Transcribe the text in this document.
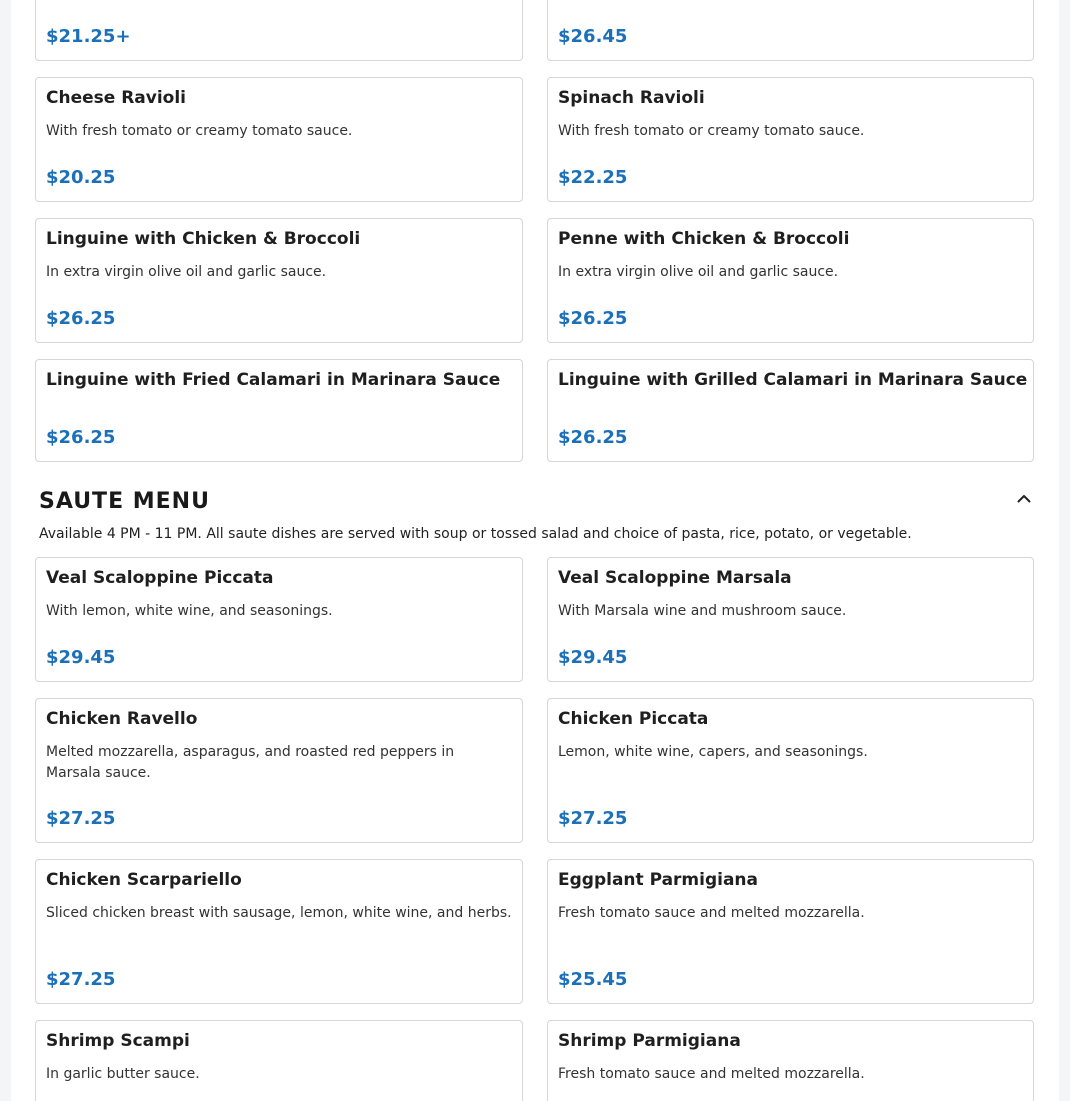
$21.25+	$26.45
Cheese Ravioli
With fresh tomato or creamy tomato sauce.
$20.25
Spinach Ravioli
With fresh tomato or creamy tomato sauce.
$22.25
Linguine with Chicken & Broccoli
In extra virgin olive oil and garlic sauce.
$26.25
Penne with Chicken & Broccoli
In extra virgin olive oil and garlic sauce.
$26.25
Linguine with Fried Calamari in Marinara Sauce
$26.25
Linguine with Grilled Calamari in Marinara Sauce
$26.25
SAUTE MENU
Available 4 PM - 11 PM. All saute dishes are served with soup or tossed salad and choice of pasta, rice, potato, or vegetable.
Veal Scaloppine Piccata
With lemon, white wine, and seasonings.
$29.45
Veal Scaloppine Marsala
With Marsala wine and mushroom sauce.
$29.45
Chicken Ravello
Melted mozzarella, asparagus, and roasted red peppers in Marsala sauce.
$27.25
Chicken Piccata
Lemon, white wine, capers, and seasonings.
$27.25
Chicken Scarpariello
Sliced chicken breast with sausage, lemon, white wine, and herbs.
$27.25
Eggplant Parmigiana
Fresh tomato sauce and melted mozzarella.
$25.45
Shrimp Scampi
In garlic butter sauce.
Shrimp Parmigiana
Fresh tomato sauce and melted mozzarella.
